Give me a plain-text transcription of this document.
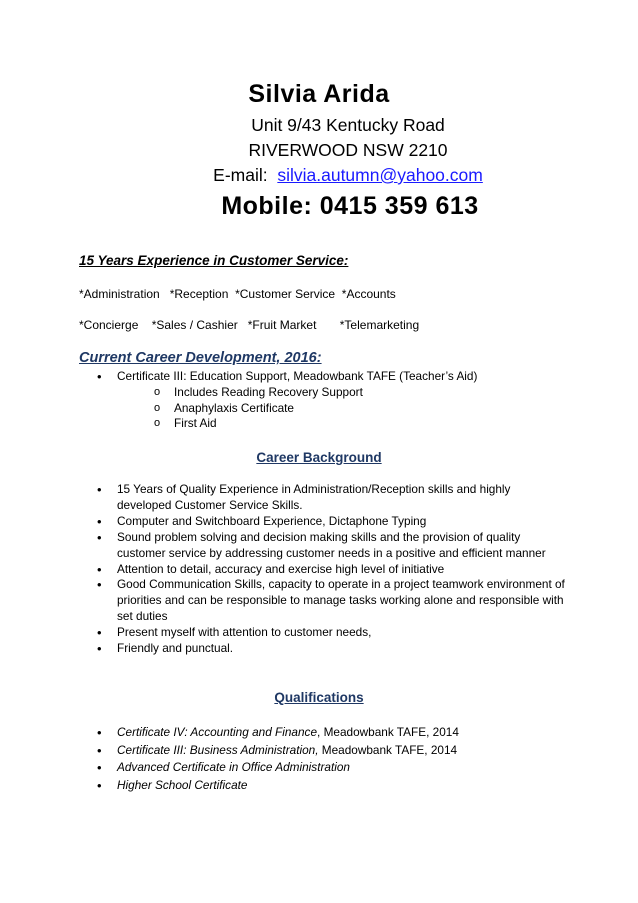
Silvia Arida
Unit 9/43 Kentucky Road
RIVERWOOD NSW 2210
E-mail:  silvia.autumn@yahoo.com
Mobile: 0415 359 613
15 Years Experience in Customer Service:
*Administration   *Reception  *Customer Service  *Accounts
*Concierge    *Sales / Cashier   *Fruit Market       *Telemarketing
Current Career Development, 2016:
• Certificate III: Education Support, Meadowbank TAFE (Teacher’s Aid)
o Includes Reading Recovery Support
o Anaphylaxis Certificate
o First Aid
Career Background
• 15 Years of Quality Experience in Administration/Reception skills and highly developed Customer Service Skills.
• Computer and Switchboard Experience, Dictaphone Typing
• Sound problem solving and decision making skills and the provision of quality customer service by addressing customer needs in a positive and efficient manner
• Attention to detail, accuracy and exercise high level of initiative
• Good Communication Skills, capacity to operate in a project teamwork environment of priorities and can be responsible to manage tasks working alone and responsible with set duties
• Present myself with attention to customer needs,
• Friendly and punctual.
Qualifications
• Certificate IV: Accounting and Finance, Meadowbank TAFE, 2014
• Certificate III: Business Administration, Meadowbank TAFE, 2014
• Advanced Certificate in Office Administration
• Higher School Certificate
